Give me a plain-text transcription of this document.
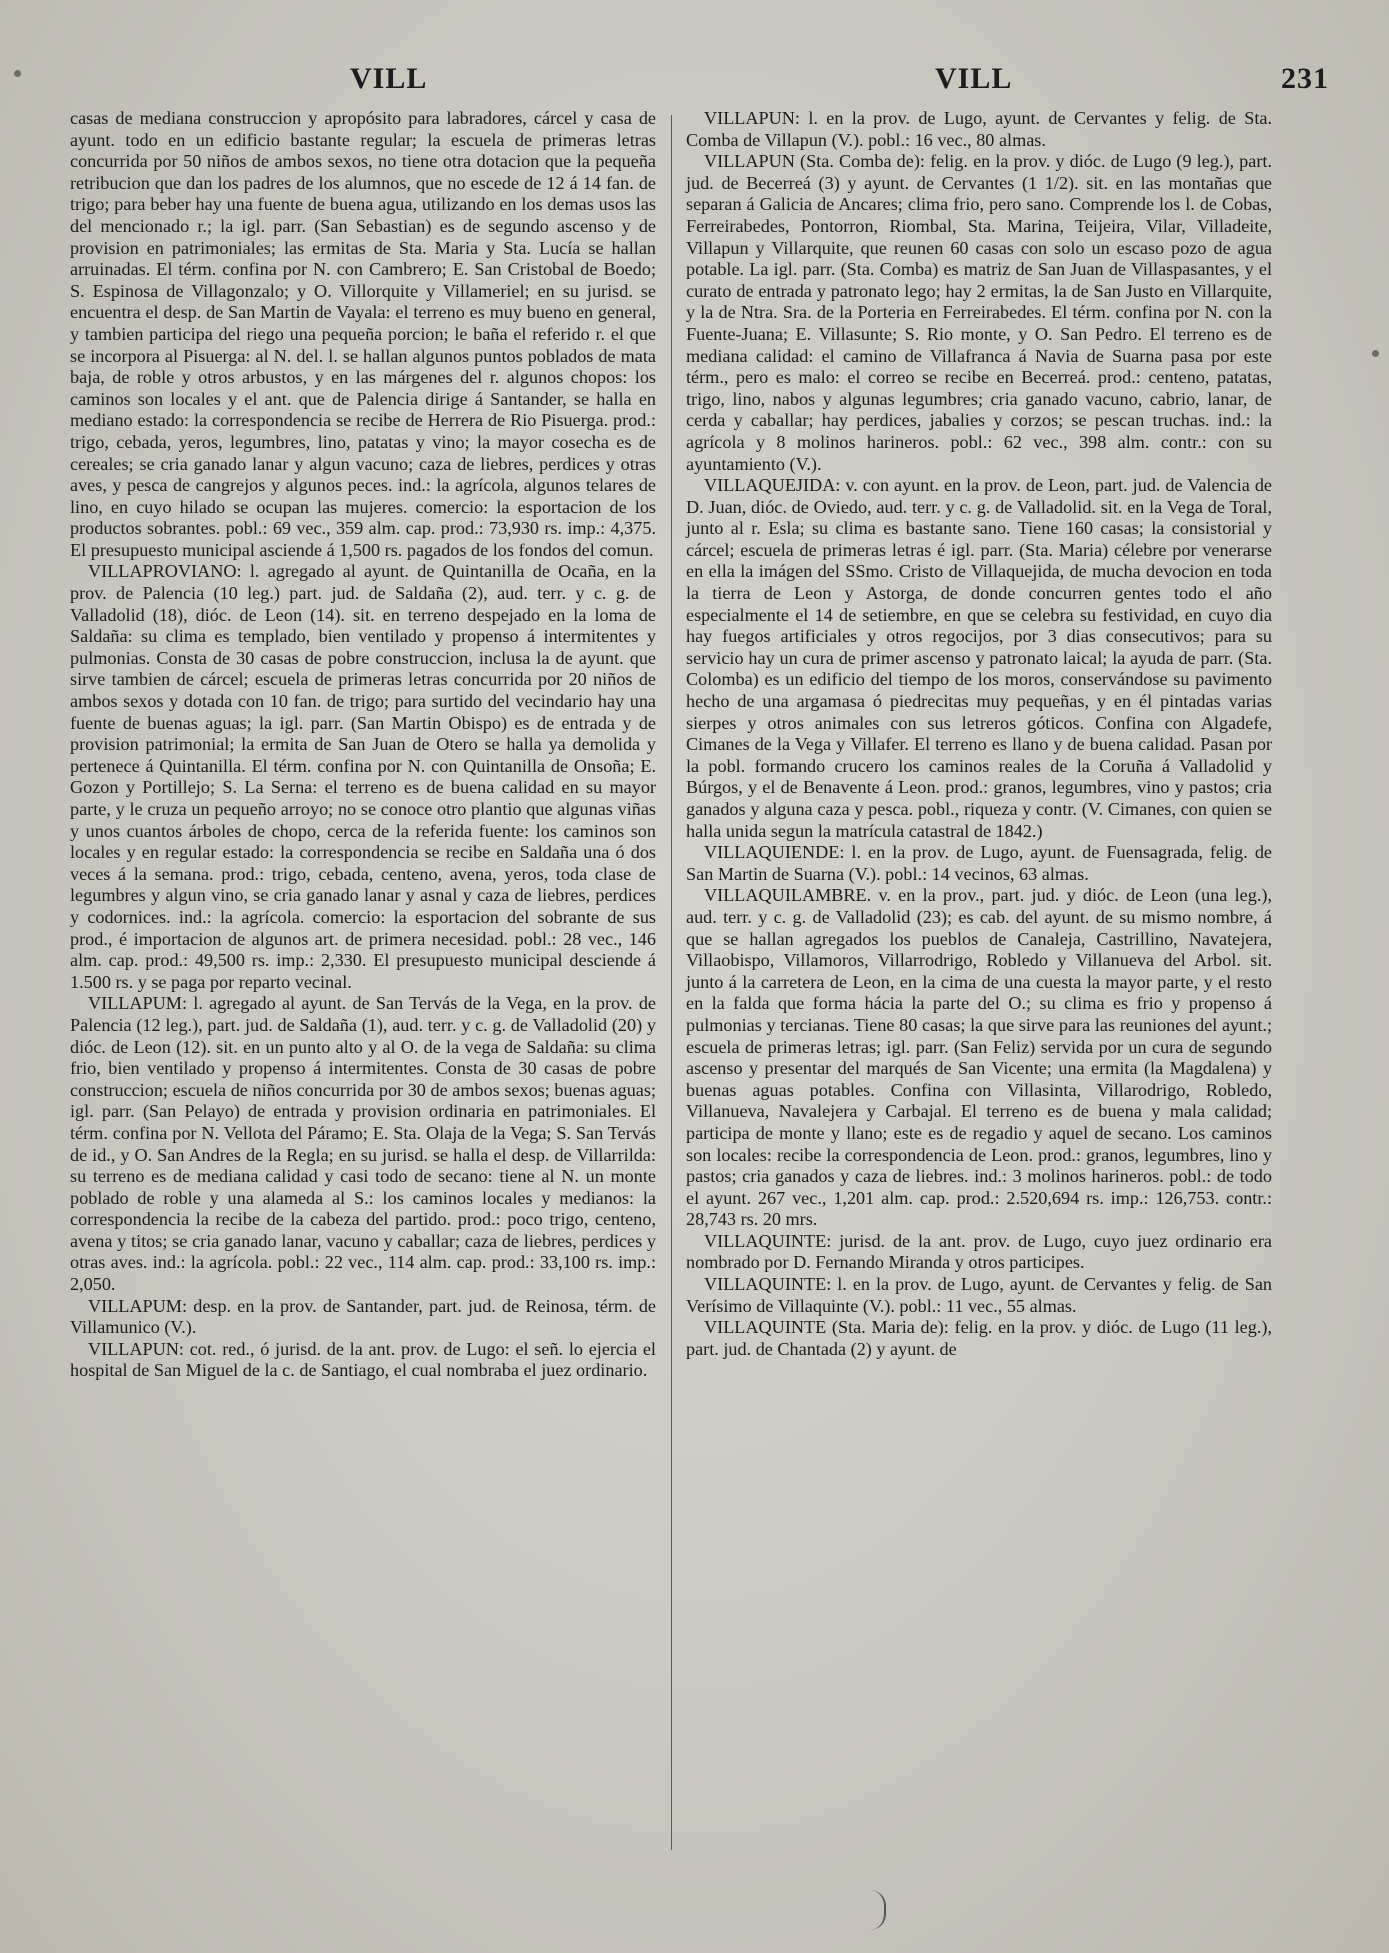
VILL	VILL	231

casas de mediana construccion y apropósito para labradores, cárcel y casa de ayunt. todo en un edificio bastante regular; la escuela de primeras letras concurrida por 50 niños de ambos sexos, no tiene otra dotacion que la pequeña retribucion que dan los padres de los alumnos, que no escede de 12 á 14 fan. de trigo; para beber hay una fuente de buena agua, utilizando en los demas usos las del mencionado r.; la igl. parr. (San Sebastian) es de segundo ascenso y de provision en patrimoniales; las ermitas de Sta. Maria y Sta. Lucía se hallan arruinadas. El térm. confina por N. con Cambrero; E. San Cristobal de Boedo; S. Espinosa de Villagonzalo; y O. Villorquite y Villameriel; en su jurisd. se encuentra el desp. de San Martin de Vayala: el terreno es muy bueno en general, y tambien participa del riego una pequeña porcion; le baña el referido r. el que se incorpora al Pisuerga: al N. del. l. se hallan algunos puntos poblados de mata baja, de roble y otros arbustos, y en las márgenes del r. algunos chopos: los caminos son locales y el ant. que de Palencia dirige á Santander, se halla en mediano estado: la correspondencia se recibe de Herrera de Rio Pisuerga. prod.: trigo, cebada, yeros, legumbres, lino, patatas y vino; la mayor cosecha es de cereales; se cria ganado lanar y algun vacuno; caza de liebres, perdices y otras aves, y pesca de cangrejos y algunos peces. ind.: la agrícola, algunos telares de lino, en cuyo hilado se ocupan las mujeres. comercio: la esportacion de los productos sobrantes. pobl.: 69 vec., 359 alm. cap. prod.: 73,930 rs. imp.: 4,375. El presupuesto municipal asciende á 1,500 rs. pagados de los fondos del comun.

VILLAPROVIANO: l. agregado al ayunt. de Quintanilla de Ocaña, en la prov. de Palencia (10 leg.) part. jud. de Saldaña (2), aud. terr. y c. g. de Valladolid (18), dióc. de Leon (14). sit. en terreno despejado en la loma de Saldaña: su clima es templado, bien ventilado y propenso á intermitentes y pulmonias. Consta de 30 casas de pobre construccion, inclusa la de ayunt. que sirve tambien de cárcel; escuela de primeras letras concurrida por 20 niños de ambos sexos y dotada con 10 fan. de trigo; para surtido del vecindario hay una fuente de buenas aguas; la igl. parr. (San Martin Obispo) es de entrada y de provision patrimonial; la ermita de San Juan de Otero se halla ya demolida y pertenece á Quintanilla. El térm. confina por N. con Quintanilla de Onsoña; E. Gozon y Portillejo; S. La Serna: el terreno es de buena calidad en su mayor parte, y le cruza un pequeño arroyo; no se conoce otro plantio que algunas viñas y unos cuantos árboles de chopo, cerca de la referida fuente: los caminos son locales y en regular estado: la correspondencia se recibe en Saldaña una ó dos veces á la semana. prod.: trigo, cebada, centeno, avena, yeros, toda clase de legumbres y algun vino, se cria ganado lanar y asnal y caza de liebres, perdices y codornices. ind.: la agrícola. comercio: la esportacion del sobrante de sus prod., é importacion de algunos art. de primera necesidad. pobl.: 28 vec., 146 alm. cap. prod.: 49,500 rs. imp.: 2,330. El presupuesto municipal desciende á 1.500 rs. y se paga por reparto vecinal.

VILLAPUM: l. agregado al ayunt. de San Tervás de la Vega, en la prov. de Palencia (12 leg.), part. jud. de Saldaña (1), aud. terr. y c. g. de Valladolid (20) y dióc. de Leon (12). sit. en un punto alto y al O. de la vega de Saldaña: su clima frio, bien ventilado y propenso á intermitentes. Consta de 30 casas de pobre construccion; escuela de niños concurrida por 30 de ambos sexos; buenas aguas; igl. parr. (San Pelayo) de entrada y provision ordinaria en patrimoniales. El térm. confina por N. Vellota del Páramo; E. Sta. Olaja de la Vega; S. San Tervás de id., y O. San Andres de la Regla; en su jurisd. se halla el desp. de Villarrilda: su terreno es de mediana calidad y casi todo de secano: tiene al N. un monte poblado de roble y una alameda al S.: los caminos locales y medianos: la correspondencia la recibe de la cabeza del partido. prod.: poco trigo, centeno, avena y titos; se cria ganado lanar, vacuno y caballar; caza de liebres, perdices y otras aves. ind.: la agrícola. pobl.: 22 vec., 114 alm. cap. prod.: 33,100 rs. imp.: 2,050.

VILLAPUM: desp. en la prov. de Santander, part. jud. de Reinosa, térm. de Villamunico (V.).

VILLAPUN: cot. red., ó jurisd. de la ant. prov. de Lugo: el señ. lo ejercia el hospital de San Miguel de la c. de Santiago, el cual nombraba el juez ordinario.

VILLAPUN: l. en la prov. de Lugo, ayunt. de Cervantes y felig. de Sta. Comba de Villapun (V.). pobl.: 16 vec., 80 almas.

VILLAPUN (Sta. Comba de): felig. en la prov. y dióc. de Lugo (9 leg.), part. jud. de Becerreá (3) y ayunt. de Cervantes (1 1/2). sit. en las montañas que separan á Galicia de Ancares; clima frio, pero sano. Comprende los l. de Cobas, Ferreirabedes, Pontorron, Riombal, Sta. Marina, Teijeira, Vilar, Villadeite, Villapun y Villarquite, que reunen 60 casas con solo un escaso pozo de agua potable. La igl. parr. (Sta. Comba) es matriz de San Juan de Villaspasantes, y el curato de entrada y patronato lego; hay 2 ermitas, la de San Justo en Villarquite, y la de Ntra. Sra. de la Porteria en Ferreirabedes. El térm. confina por N. con la Fuente-Juana; E. Villasunte; S. Rio monte, y O. San Pedro. El terreno es de mediana calidad: el camino de Villafranca á Navia de Suarna pasa por este térm., pero es malo: el correo se recibe en Becerreá. prod.: centeno, patatas, trigo, lino, nabos y algunas legumbres; cria ganado vacuno, cabrio, lanar, de cerda y caballar; hay perdices, jabalies y corzos; se pescan truchas. ind.: la agrícola y 8 molinos harineros. pobl.: 62 vec., 398 alm. contr.: con su ayuntamiento (V.).

VILLAQUEJIDA: v. con ayunt. en la prov. de Leon, part. jud. de Valencia de D. Juan, dióc. de Oviedo, aud. terr. y c. g. de Valladolid. sit. en la Vega de Toral, junto al r. Esla; su clima es bastante sano. Tiene 160 casas; la consistorial y cárcel; escuela de primeras letras é igl. parr. (Sta. Maria) célebre por venerarse en ella la imágen del SSmo. Cristo de Villaquejida, de mucha devocion en toda la tierra de Leon y Astorga, de donde concurren gentes todo el año especialmente el 14 de setiembre, en que se celebra su festividad, en cuyo dia hay fuegos artificiales y otros regocijos, por 3 dias consecutivos; para su servicio hay un cura de primer ascenso y patronato laical; la ayuda de parr. (Sta. Colomba) es un edificio del tiempo de los moros, conservándose su pavimento hecho de una argamasa ó piedrecitas muy pequeñas, y en él pintadas varias sierpes y otros animales con sus letreros góticos. Confina con Algadefe, Cimanes de la Vega y Villafer. El terreno es llano y de buena calidad. Pasan por la pobl. formando crucero los caminos reales de la Coruña á Valladolid y Búrgos, y el de Benavente á Leon. prod.: granos, legumbres, vino y pastos; cria ganados y alguna caza y pesca. pobl., riqueza y contr. (V. Cimanes, con quien se halla unida segun la matrícula catastral de 1842.)

VILLAQUIENDE: l. en la prov. de Lugo, ayunt. de Fuensagrada, felig. de San Martin de Suarna (V.). pobl.: 14 vecinos, 63 almas.

VILLAQUILAMBRE. v. en la prov., part. jud. y dióc. de Leon (una leg.), aud. terr. y c. g. de Valladolid (23); es cab. del ayunt. de su mismo nombre, á que se hallan agregados los pueblos de Canaleja, Castrillino, Navatejera, Villaobispo, Villamoros, Villarrodrigo, Robledo y Villanueva del Arbol. sit. junto á la carretera de Leon, en la cima de una cuesta la mayor parte, y el resto en la falda que forma hácia la parte del O.; su clima es frio y propenso á pulmonias y tercianas. Tiene 80 casas; la que sirve para las reuniones del ayunt.; escuela de primeras letras; igl. parr. (San Feliz) servida por un cura de segundo ascenso y presentar del marqués de San Vicente; una ermita (la Magdalena) y buenas aguas potables. Confina con Villasinta, Villarodrigo, Robledo, Villanueva, Navalejera y Carbajal. El terreno es de buena y mala calidad; participa de monte y llano; este es de regadio y aquel de secano. Los caminos son locales: recibe la correspondencia de Leon. prod.: granos, legumbres, lino y pastos; cria ganados y caza de liebres. ind.: 3 molinos harineros. pobl.: de todo el ayunt. 267 vec., 1,201 alm. cap. prod.: 2.520,694 rs. imp.: 126,753. contr.: 28,743 rs. 20 mrs.

VILLAQUINTE: jurisd. de la ant. prov. de Lugo, cuyo juez ordinario era nombrado por D. Fernando Miranda y otros participes.

VILLAQUINTE: l. en la prov. de Lugo, ayunt. de Cervantes y felig. de San Verísimo de Villaquinte (V.). pobl.: 11 vec., 55 almas.

VILLAQUINTE (Sta. Maria de): felig. en la prov. y dióc. de Lugo (11 leg.), part. jud. de Chantada (2) y ayunt. de
